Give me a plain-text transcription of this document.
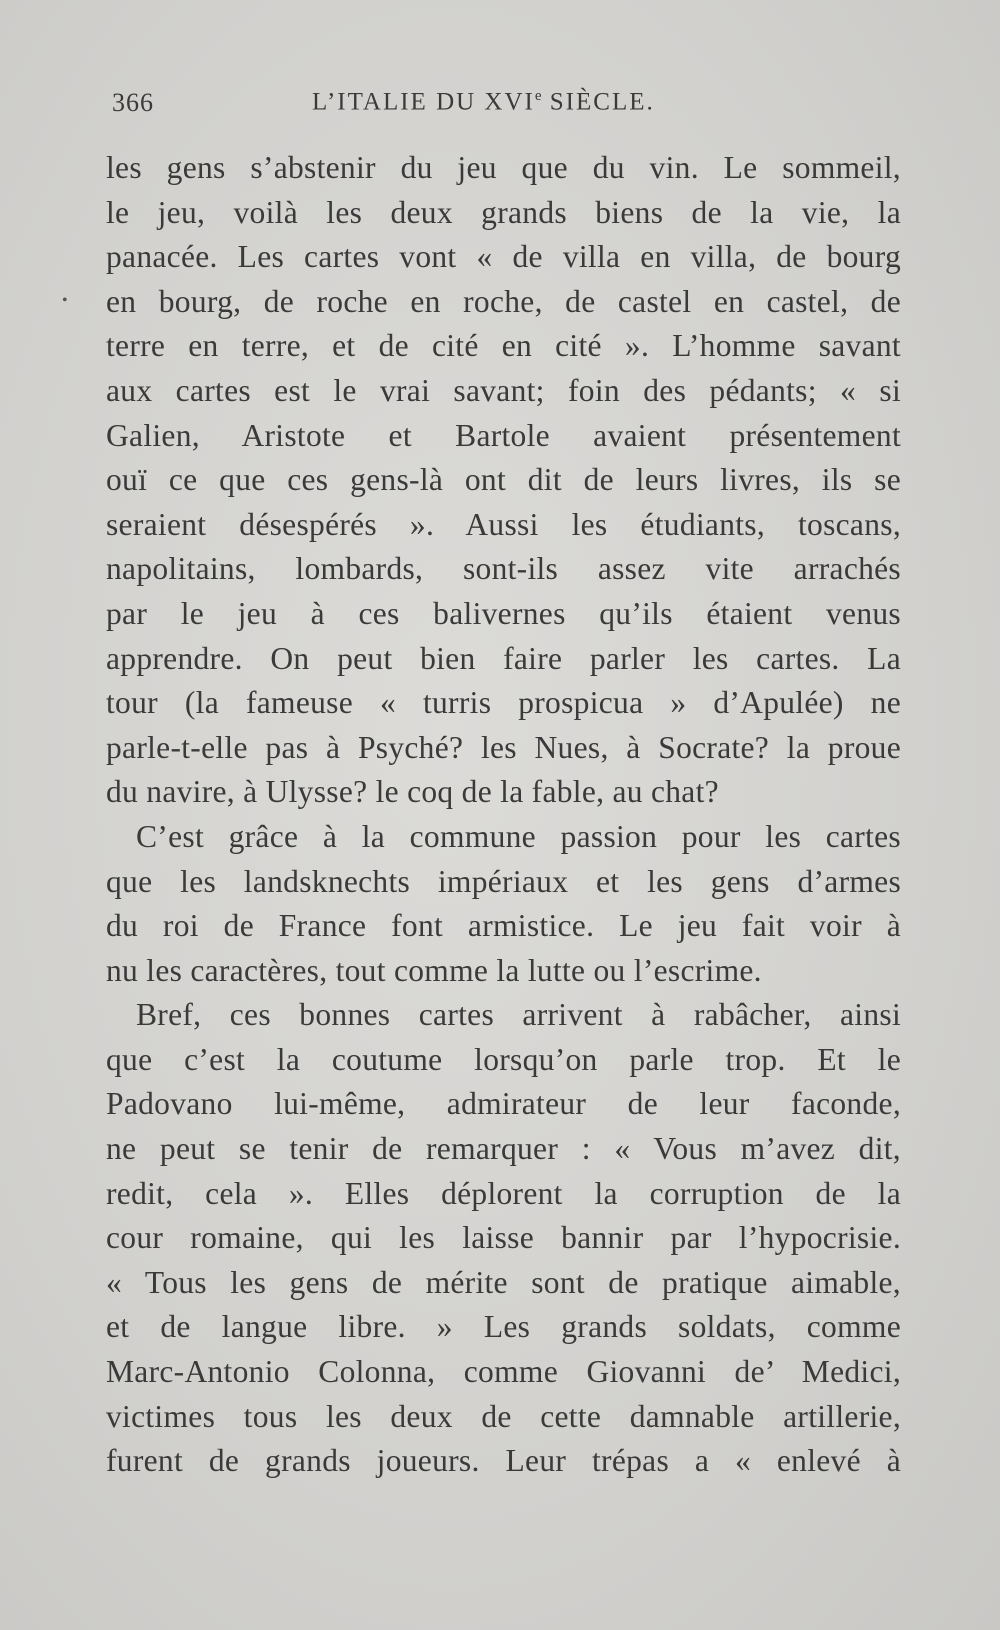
366	L’ITALIE DU XVIe SIÈCLE.
•
les gens s’abstenir du jeu que du vin. Le sommeil,
le jeu, voilà les deux grands biens de la vie, la
panacée. Les cartes vont « de villa en villa, de bourg
en bourg, de roche en roche, de castel en castel, de
terre en terre, et de cité en cité ». L’homme savant
aux cartes est le vrai savant; foin des pédants; « si
Galien, Aristote et Bartole avaient présentement
ouï ce que ces gens-là ont dit de leurs livres, ils se
seraient désespérés ». Aussi les étudiants, toscans,
napolitains, lombards, sont-ils assez vite arrachés
par le jeu à ces balivernes qu’ils étaient venus
apprendre. On peut bien faire parler les cartes. La
tour (la fameuse « turris prospicua » d’Apulée) ne
parle-t-elle pas à Psyché? les Nues, à Socrate? la proue
du navire, à Ulysse? le coq de la fable, au chat?
C’est grâce à la commune passion pour les cartes
que les landsknechts impériaux et les gens d’armes
du roi de France font armistice. Le jeu fait voir à
nu les caractères, tout comme la lutte ou l’escrime.
Bref, ces bonnes cartes arrivent à rabâcher, ainsi
que c’est la coutume lorsqu’on parle trop. Et le
Padovano lui-même, admirateur de leur faconde,
ne peut se tenir de remarquer : « Vous m’avez dit,
redit, cela ». Elles déplorent la corruption de la
cour romaine, qui les laisse bannir par l’hypocrisie.
« Tous les gens de mérite sont de pratique aimable,
et de langue libre. » Les grands soldats, comme
Marc-Antonio Colonna, comme Giovanni de’ Medici,
victimes tous les deux de cette damnable artillerie,
furent de grands joueurs. Leur trépas a « enlevé à
